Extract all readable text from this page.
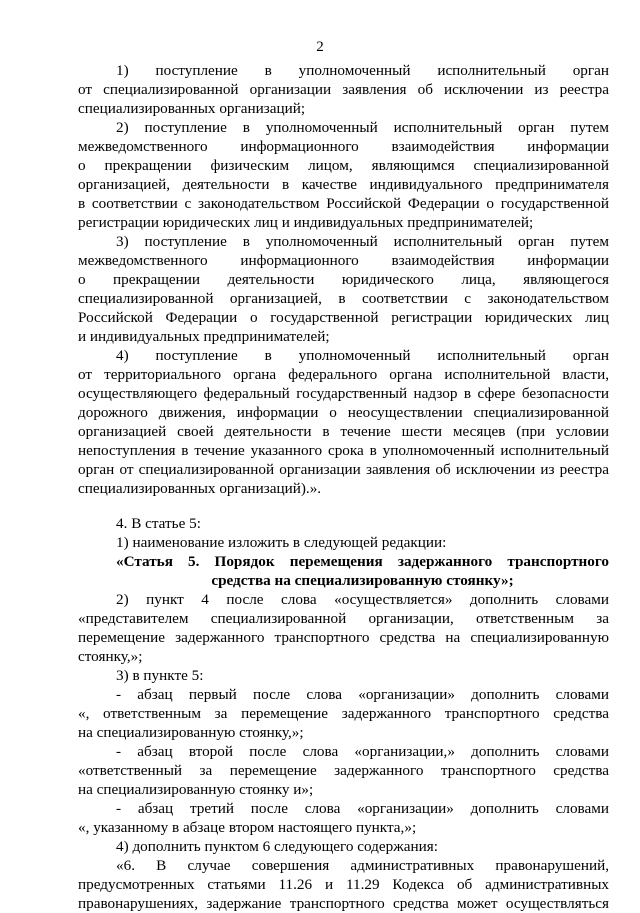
2
1) поступление в уполномоченный исполнительный орган
от специализированной организации заявления об исключении из реестра
специализированных организаций;
2) поступление в уполномоченный исполнительный орган путем
межведомственного информационного взаимодействия информации
о прекращении физическим лицом, являющимся специализированной
организацией, деятельности в качестве индивидуального предпринимателя
в соответствии с законодательством Российской Федерации о государственной
регистрации юридических лиц и индивидуальных предпринимателей;
3) поступление в уполномоченный исполнительный орган путем
межведомственного информационного взаимодействия информации
о прекращении деятельности юридического лица, являющегося
специализированной организацией, в соответствии с законодательством
Российской Федерации о государственной регистрации юридических лиц
и индивидуальных предпринимателей;
4) поступление в уполномоченный исполнительный орган
от территориального органа федерального органа исполнительной власти,
осуществляющего федеральный государственный надзор в сфере безопасности
дорожного движения, информации о неосуществлении специализированной
организацией своей деятельности в течение шести месяцев (при условии
непоступления в течение указанного срока в уполномоченный исполнительный
орган от специализированной организации заявления об исключении из реестра
специализированных организаций).».
4. В статье 5:
1) наименование изложить в следующей редакции:
«Статья 5. Порядок перемещения задержанного транспортного
средства на специализированную стоянку»;
2) пункт 4 после слова «осуществляется» дополнить словами
«представителем специализированной организации, ответственным за
перемещение задержанного транспортного средства на специализированную
стоянку,»;
3) в пункте 5:
- абзац первый после слова «организации» дополнить словами
«, ответственным за перемещение задержанного транспортного средства
на специализированную стоянку,»;
- абзац второй после слова «организации,» дополнить словами
«ответственный за перемещение задержанного транспортного средства
на специализированную стоянку и»;
- абзац третий после слова «организации» дополнить словами
«, указанному в абзаце втором настоящего пункта,»;
4) дополнить пунктом 6 следующего содержания:
«6. В случае совершения административных правонарушений,
предусмотренных статьями 11.26 и 11.29 Кодекса об административных
правонарушениях, задержание транспортного средства может осуществляться
